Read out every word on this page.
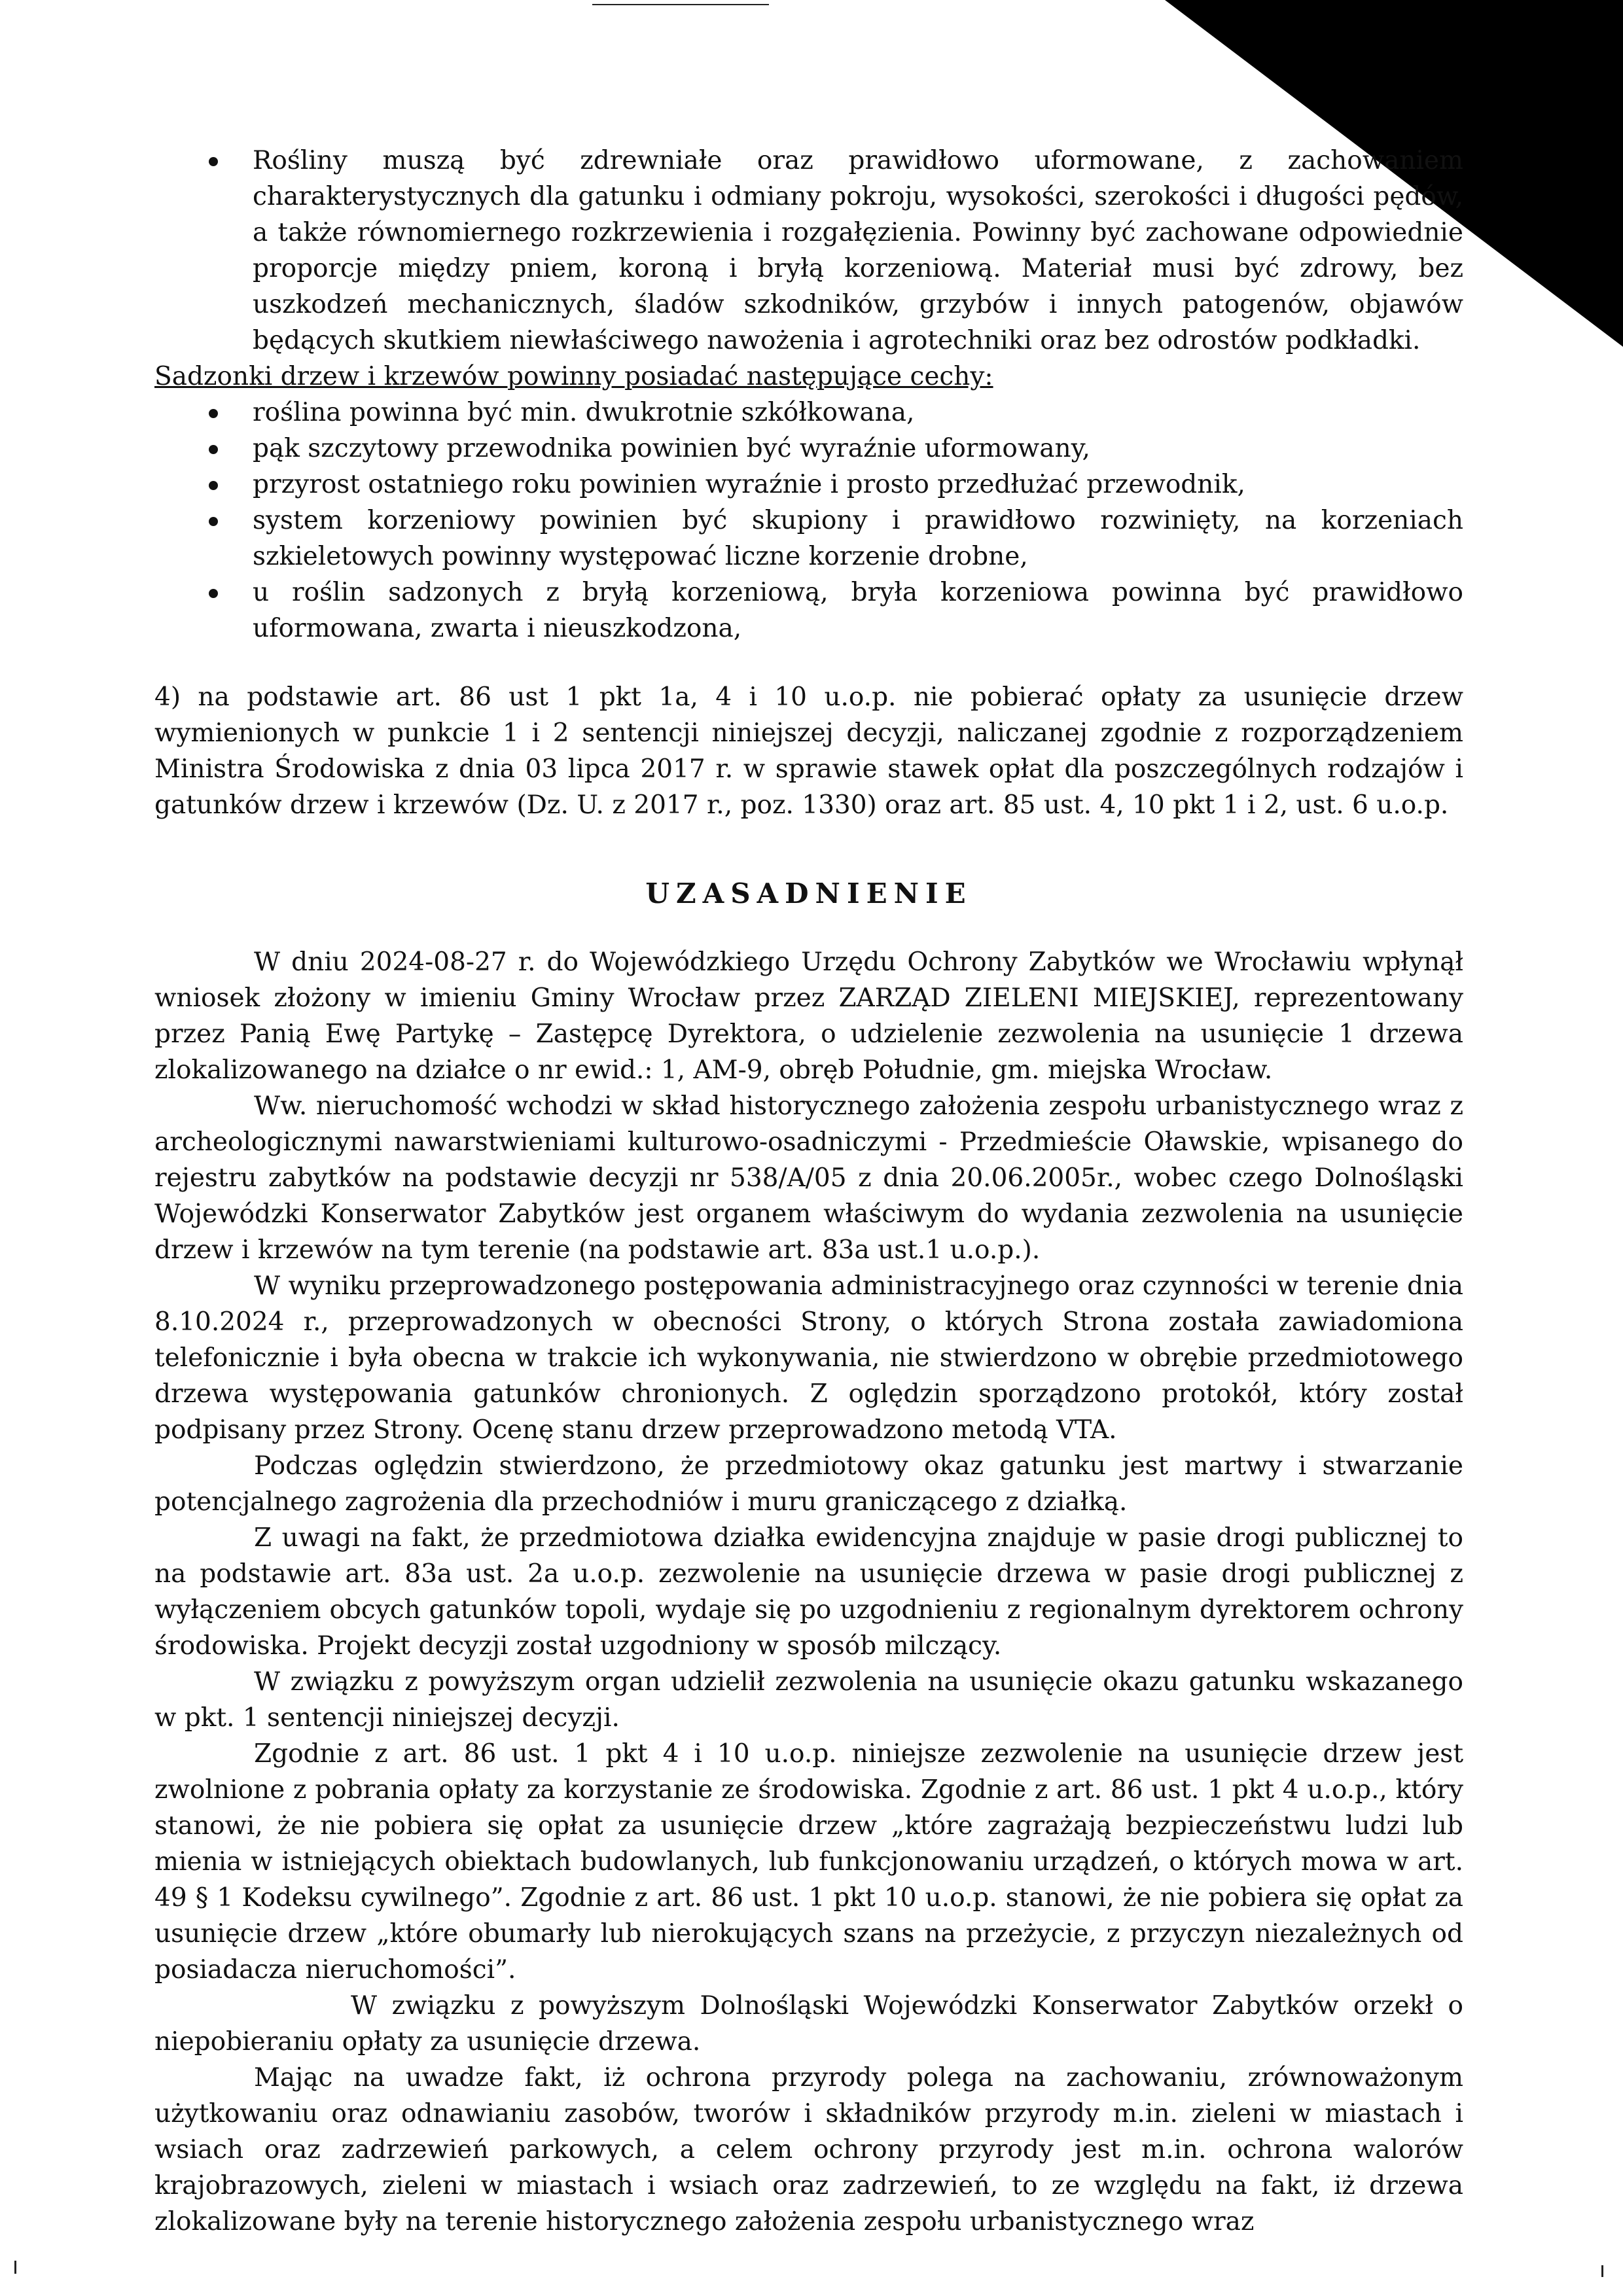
Rośliny muszą być zdrewniałe oraz prawidłowo uformowane, z zachowaniem charakterystycznych dla gatunku i odmiany pokroju, wysokości, szerokości i długości pędów, a także równomiernego rozkrzewienia i rozgałęzienia. Powinny być zachowane odpowiednie proporcje między pniem, koroną i bryłą korzeniową. Materiał musi być zdrowy, bez uszkodzeń mechanicznych, śladów szkodników, grzybów i innych patogenów, objawów będących skutkiem niewłaściwego nawożenia i agrotechniki oraz bez odrostów podkładki.

Sadzonki drzew i krzewów powinny posiadać następujące cechy:

roślina powinna być min. dwukrotnie szkółkowana,
pąk szczytowy przewodnika powinien być wyraźnie uformowany,
przyrost ostatniego roku powinien wyraźnie i prosto przedłużać przewodnik,
system korzeniowy powinien być skupiony i prawidłowo rozwinięty, na korzeniach szkieletowych powinny występować liczne korzenie drobne,
u roślin sadzonych z bryłą korzeniową, bryła korzeniowa powinna być prawidłowo uformowana, zwarta i nieuszkodzona,

4) na podstawie art. 86 ust 1 pkt 1a, 4 i 10 u.o.p. nie pobierać opłaty za usunięcie drzew wymienionych w punkcie 1 i 2 sentencji niniejszej decyzji, naliczanej zgodnie z rozporządzeniem Ministra Środowiska z dnia 03 lipca 2017 r. w sprawie stawek opłat dla poszczególnych rodzajów i gatunków drzew i krzewów (Dz. U. z 2017 r., poz. 1330) oraz art. 85 ust. 4, 10 pkt 1 i 2, ust. 6 u.o.p.

UZASADNIENIE

W dniu 2024-08-27 r. do Wojewódzkiego Urzędu Ochrony Zabytków we Wrocławiu wpłynął wniosek złożony w imieniu Gminy Wrocław przez ZARZĄD ZIELENI MIEJSKIEJ, reprezentowany przez Panią Ewę Partykę – Zastępcę Dyrektora, o udzielenie zezwolenia na usunięcie 1 drzewa zlokalizowanego na działce o nr ewid.: 1, AM-9, obręb Południe, gm. miejska Wrocław.

Ww. nieruchomość wchodzi w skład historycznego założenia zespołu urbanistycznego wraz z archeologicznymi nawarstwieniami kulturowo-osadniczymi - Przedmieście Oławskie, wpisanego do rejestru zabytków na podstawie decyzji nr 538/A/05 z dnia 20.06.2005r., wobec czego Dolnośląski Wojewódzki Konserwator Zabytków jest organem właściwym do wydania zezwolenia na usunięcie drzew i krzewów na tym terenie (na podstawie art. 83a ust.1 u.o.p.).

W wyniku przeprowadzonego postępowania administracyjnego oraz czynności w terenie dnia 8.10.2024 r., przeprowadzonych w obecności Strony, o których Strona została zawiadomiona telefonicznie i była obecna w trakcie ich wykonywania, nie stwierdzono w obrębie przedmiotowego drzewa występowania gatunków chronionych. Z oględzin sporządzono protokół, który został podpisany przez Strony. Ocenę stanu drzew przeprowadzono metodą VTA.

Podczas oględzin stwierdzono, że przedmiotowy okaz gatunku jest martwy i stwarzanie potencjalnego zagrożenia dla przechodniów i muru graniczącego z działką.

Z uwagi na fakt, że przedmiotowa działka ewidencyjna znajduje w pasie drogi publicznej to na podstawie art. 83a ust. 2a u.o.p. zezwolenie na usunięcie drzewa w pasie drogi publicznej z wyłączeniem obcych gatunków topoli, wydaje się po uzgodnieniu z regionalnym dyrektorem ochrony środowiska. Projekt decyzji został uzgodniony w sposób milczący.

W związku z powyższym organ udzielił zezwolenia na usunięcie okazu gatunku wskazanego w pkt. 1 sentencji niniejszej decyzji.

Zgodnie z art. 86 ust. 1 pkt 4 i 10 u.o.p. niniejsze zezwolenie na usunięcie drzew jest zwolnione z pobrania opłaty za korzystanie ze środowiska. Zgodnie z art. 86 ust. 1 pkt 4 u.o.p., który stanowi, że nie pobiera się opłat za usunięcie drzew „które zagrażają bezpieczeństwu ludzi lub mienia w istniejących obiektach budowlanych, lub funkcjonowaniu urządzeń, o których mowa w art. 49 § 1 Kodeksu cywilnego”. Zgodnie z art. 86 ust. 1 pkt 10 u.o.p. stanowi, że nie pobiera się opłat za usunięcie drzew „które obumarły lub nierokujących szans na przeżycie, z przyczyn niezależnych od posiadacza nieruchomości”.

W związku z powyższym Dolnośląski Wojewódzki Konserwator Zabytków orzekł o niepobieraniu opłaty za usunięcie drzewa.

Mając na uwadze fakt, iż ochrona przyrody polega na zachowaniu, zrównoważonym użytkowaniu oraz odnawianiu zasobów, tworów i składników przyrody m.in. zieleni w miastach i wsiach oraz zadrzewień parkowych, a celem ochrony przyrody jest m.in. ochrona walorów krajobrazowych, zieleni w miastach i wsiach oraz zadrzewień, to ze względu na fakt, iż drzewa zlokalizowane były na terenie historycznego założenia zespołu urbanistycznego wraz
